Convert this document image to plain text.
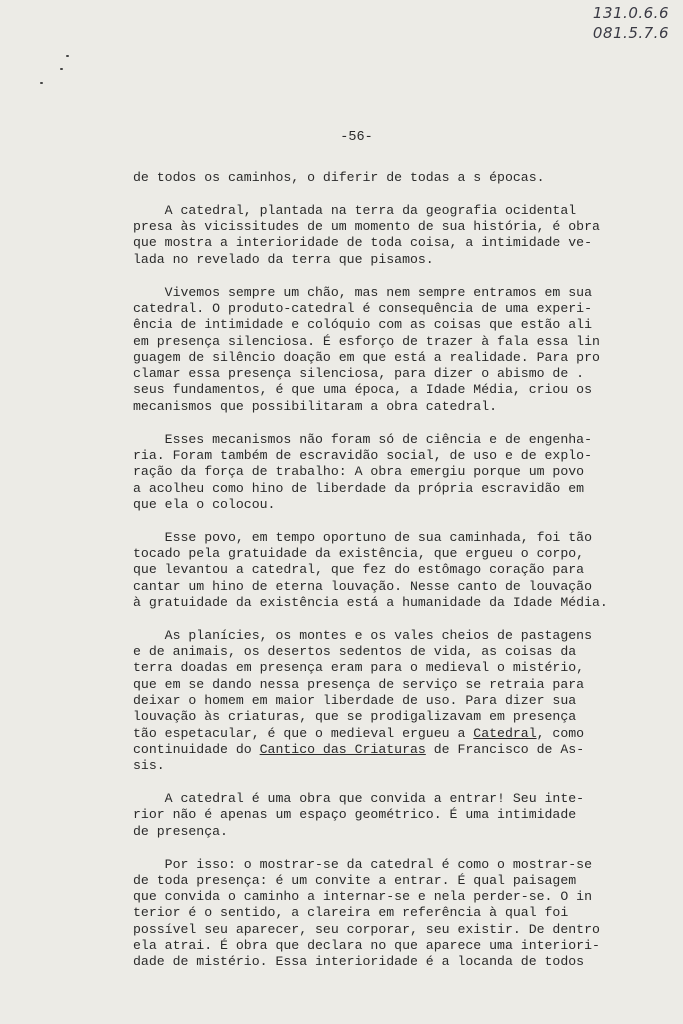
131.0.6.6
081.5.7.6
-56-
de todos os caminhos, o diferir de todas a s épocas.
A catedral, plantada na terra da geografia ocidental
presa às vicissitudes de um momento de sua história, é obra
que mostra a interioridade de toda coisa, a intimidade ve-
lada no revelado da terra que pisamos.
Vivemos sempre um chão, mas nem sempre entramos em sua
catedral. O produto-catedral é consequência de uma experi-
ência de intimidade e colóquio com as coisas que estão ali
em presença silenciosa. É esforço de trazer à fala essa lin
guagem de silêncio doação em que está a realidade. Para pro
clamar essa presença silenciosa, para dizer o abismo de .
seus fundamentos, é que uma época, a Idade Média, criou os
mecanismos que possibilitaram a obra catedral.
Esses mecanismos não foram só de ciência e de engenha-
ria. Foram também de escravidão social, de uso e de explo-
ração da força de trabalho: A obra emergiu porque um povo
a acolheu como hino de liberdade da própria escravidão em
que ela o colocou.
Esse povo, em tempo oportuno de sua caminhada, foi tão
tocado pela gratuidade da existência, que ergueu o corpo,
que levantou a catedral, que fez do estômago coração para
cantar um hino de eterna louvação. Nesse canto de louvação
à gratuidade da existência está a humanidade da Idade Média.
As planícies, os montes e os vales cheios de pastagens
e de animais, os desertos sedentos de vida, as coisas da
terra doadas em presença eram para o medieval o mistério,
que em se dando nessa presença de serviço se retraia para
deixar o homem em maior liberdade de uso. Para dizer sua
louvação às criaturas, que se prodigalizavam em presença
tão espetacular, é que o medieval ergueu a Catedral, como
continuidade do Cantico das Criaturas de Francisco de As-
sis.
A catedral é uma obra que convida a entrar! Seu inte-
rior não é apenas um espaço geométrico. É uma intimidade
de presença.
Por isso: o mostrar-se da catedral é como o mostrar-se
de toda presença: é um convite a entrar. É qual paisagem
que convida o caminho a internar-se e nela perder-se. O in
terior é o sentido, a clareira em referência à qual foi
possível seu aparecer, seu corporar, seu existir. De dentro
ela atrai. É obra que declara no que aparece uma interiori-
dade de mistério. Essa interioridade é a locanda de todos
